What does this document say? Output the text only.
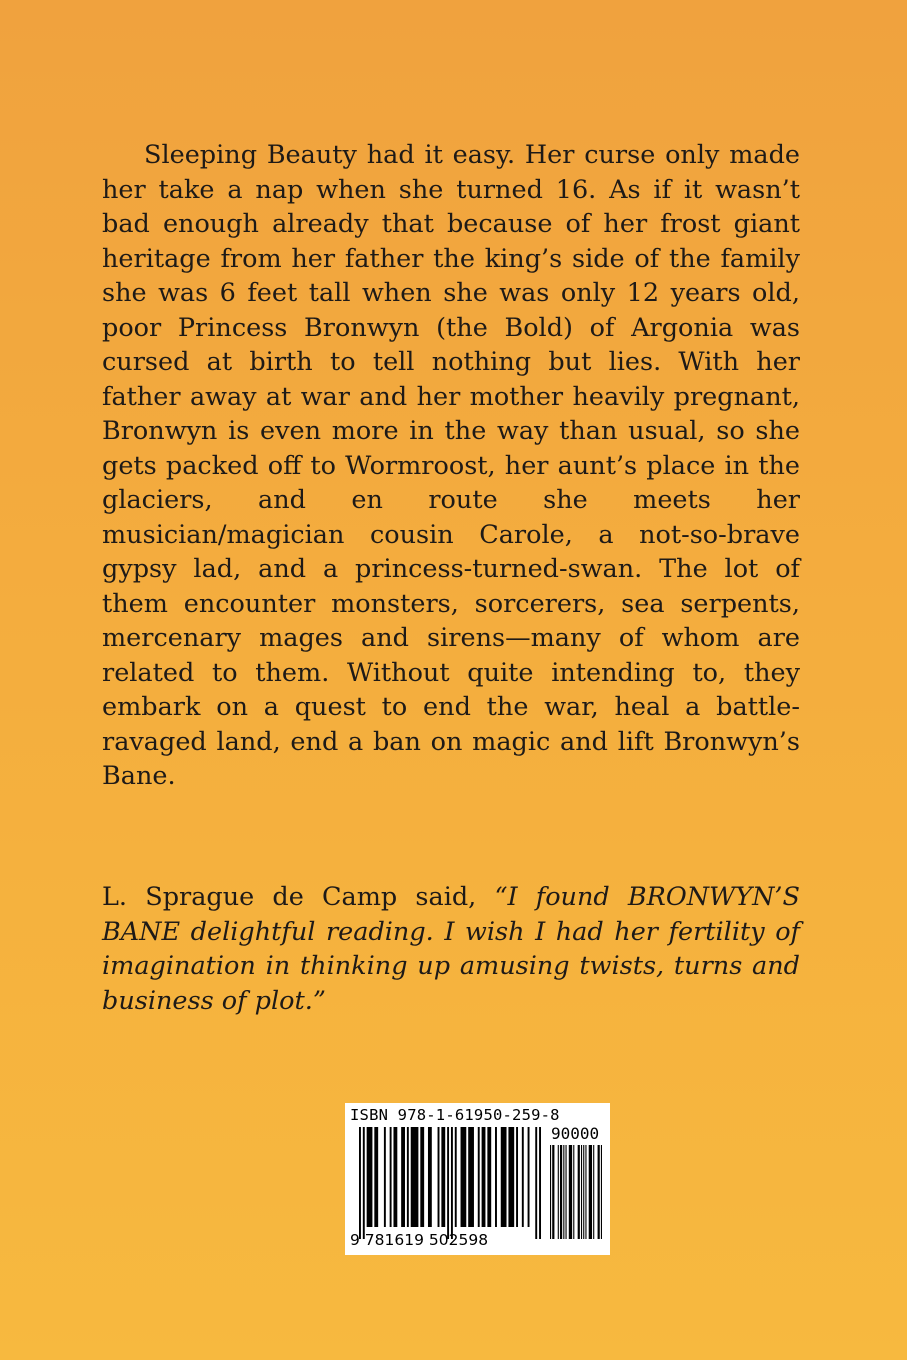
Sleeping Beauty had it easy. Her curse only made her take a nap when she turned 16. As if it wasn’t bad enough already that because of her frost giant heritage from her father the king’s side of the family she was 6 feet tall when she was only 12 years old, poor Princess Bronwyn (the Bold) of Argonia was cursed at birth to tell nothing but lies. With her father away at war and her mother heavily pregnant, Bronwyn is even more in the way than usual, so she gets packed off to Wormroost, her aunt’s place in the glaciers, and en route she meets her musician/magician cousin Carole, a not-so-brave gypsy lad, and a princess-turned-swan. The lot of them encounter monsters, sorcerers, sea serpents, mercenary mages and sirens—many of whom are related to them. Without quite intending to, they embark on a quest to end the war, heal a battle-ravaged land, end a ban on magic and lift Bronwyn’s Bane.

L. Sprague de Camp said, “I found BRONWYN’S BANE delightful reading. I wish I had her fertility of imagination in thinking up amusing twists, turns and business of plot.”

ISBN 978-1-61950-259-8
90000
9 781619 502598
